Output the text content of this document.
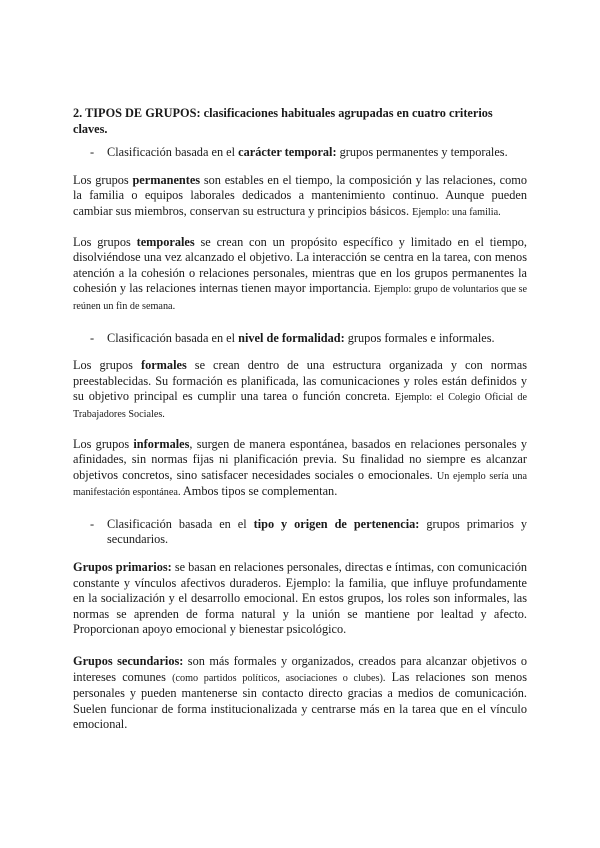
2. TIPOS DE GRUPOS: clasificaciones habituales agrupadas en cuatro criterios claves.
- Clasificación basada en el carácter temporal: grupos permanentes y temporales.

Los grupos permanentes son estables en el tiempo, la composición y las relaciones, como la familia o equipos laborales dedicados a mantenimiento continuo. Aunque pueden cambiar sus miembros, conservan su estructura y principios básicos. Ejemplo: una familia.

Los grupos temporales se crean con un propósito específico y limitado en el tiempo, disolviéndose una vez alcanzado el objetivo. La interacción se centra en la tarea, con menos atención a la cohesión o relaciones personales, mientras que en los grupos permanentes la cohesión y las relaciones internas tienen mayor importancia. Ejemplo: grupo de voluntarios que se reúnen un fin de semana.

- Clasificación basada en el nivel de formalidad: grupos formales e informales.

Los grupos formales se crean dentro de una estructura organizada y con normas preestablecidas. Su formación es planificada, las comunicaciones y roles están definidos y su objetivo principal es cumplir una tarea o función concreta. Ejemplo: el Colegio Oficial de Trabajadores Sociales.

Los grupos informales, surgen de manera espontánea, basados en relaciones personales y afinidades, sin normas fijas ni planificación previa. Su finalidad no siempre es alcanzar objetivos concretos, sino satisfacer necesidades sociales o emocionales. Un ejemplo sería una manifestación espontánea. Ambos tipos se complementan.

- Clasificación basada en el tipo y origen de pertenencia: grupos primarios y secundarios.

Grupos primarios: se basan en relaciones personales, directas e íntimas, con comunicación constante y vínculos afectivos duraderos. Ejemplo: la familia, que influye profundamente en la socialización y el desarrollo emocional. En estos grupos, los roles son informales, las normas se aprenden de forma natural y la unión se mantiene por lealtad y afecto. Proporcionan apoyo emocional y bienestar psicológico.

Grupos secundarios: son más formales y organizados, creados para alcanzar objetivos o intereses comunes (como partidos políticos, asociaciones o clubes). Las relaciones son menos personales y pueden mantenerse sin contacto directo gracias a medios de comunicación. Suelen funcionar de forma institucionalizada y centrarse más en la tarea que en el vínculo emocional.
